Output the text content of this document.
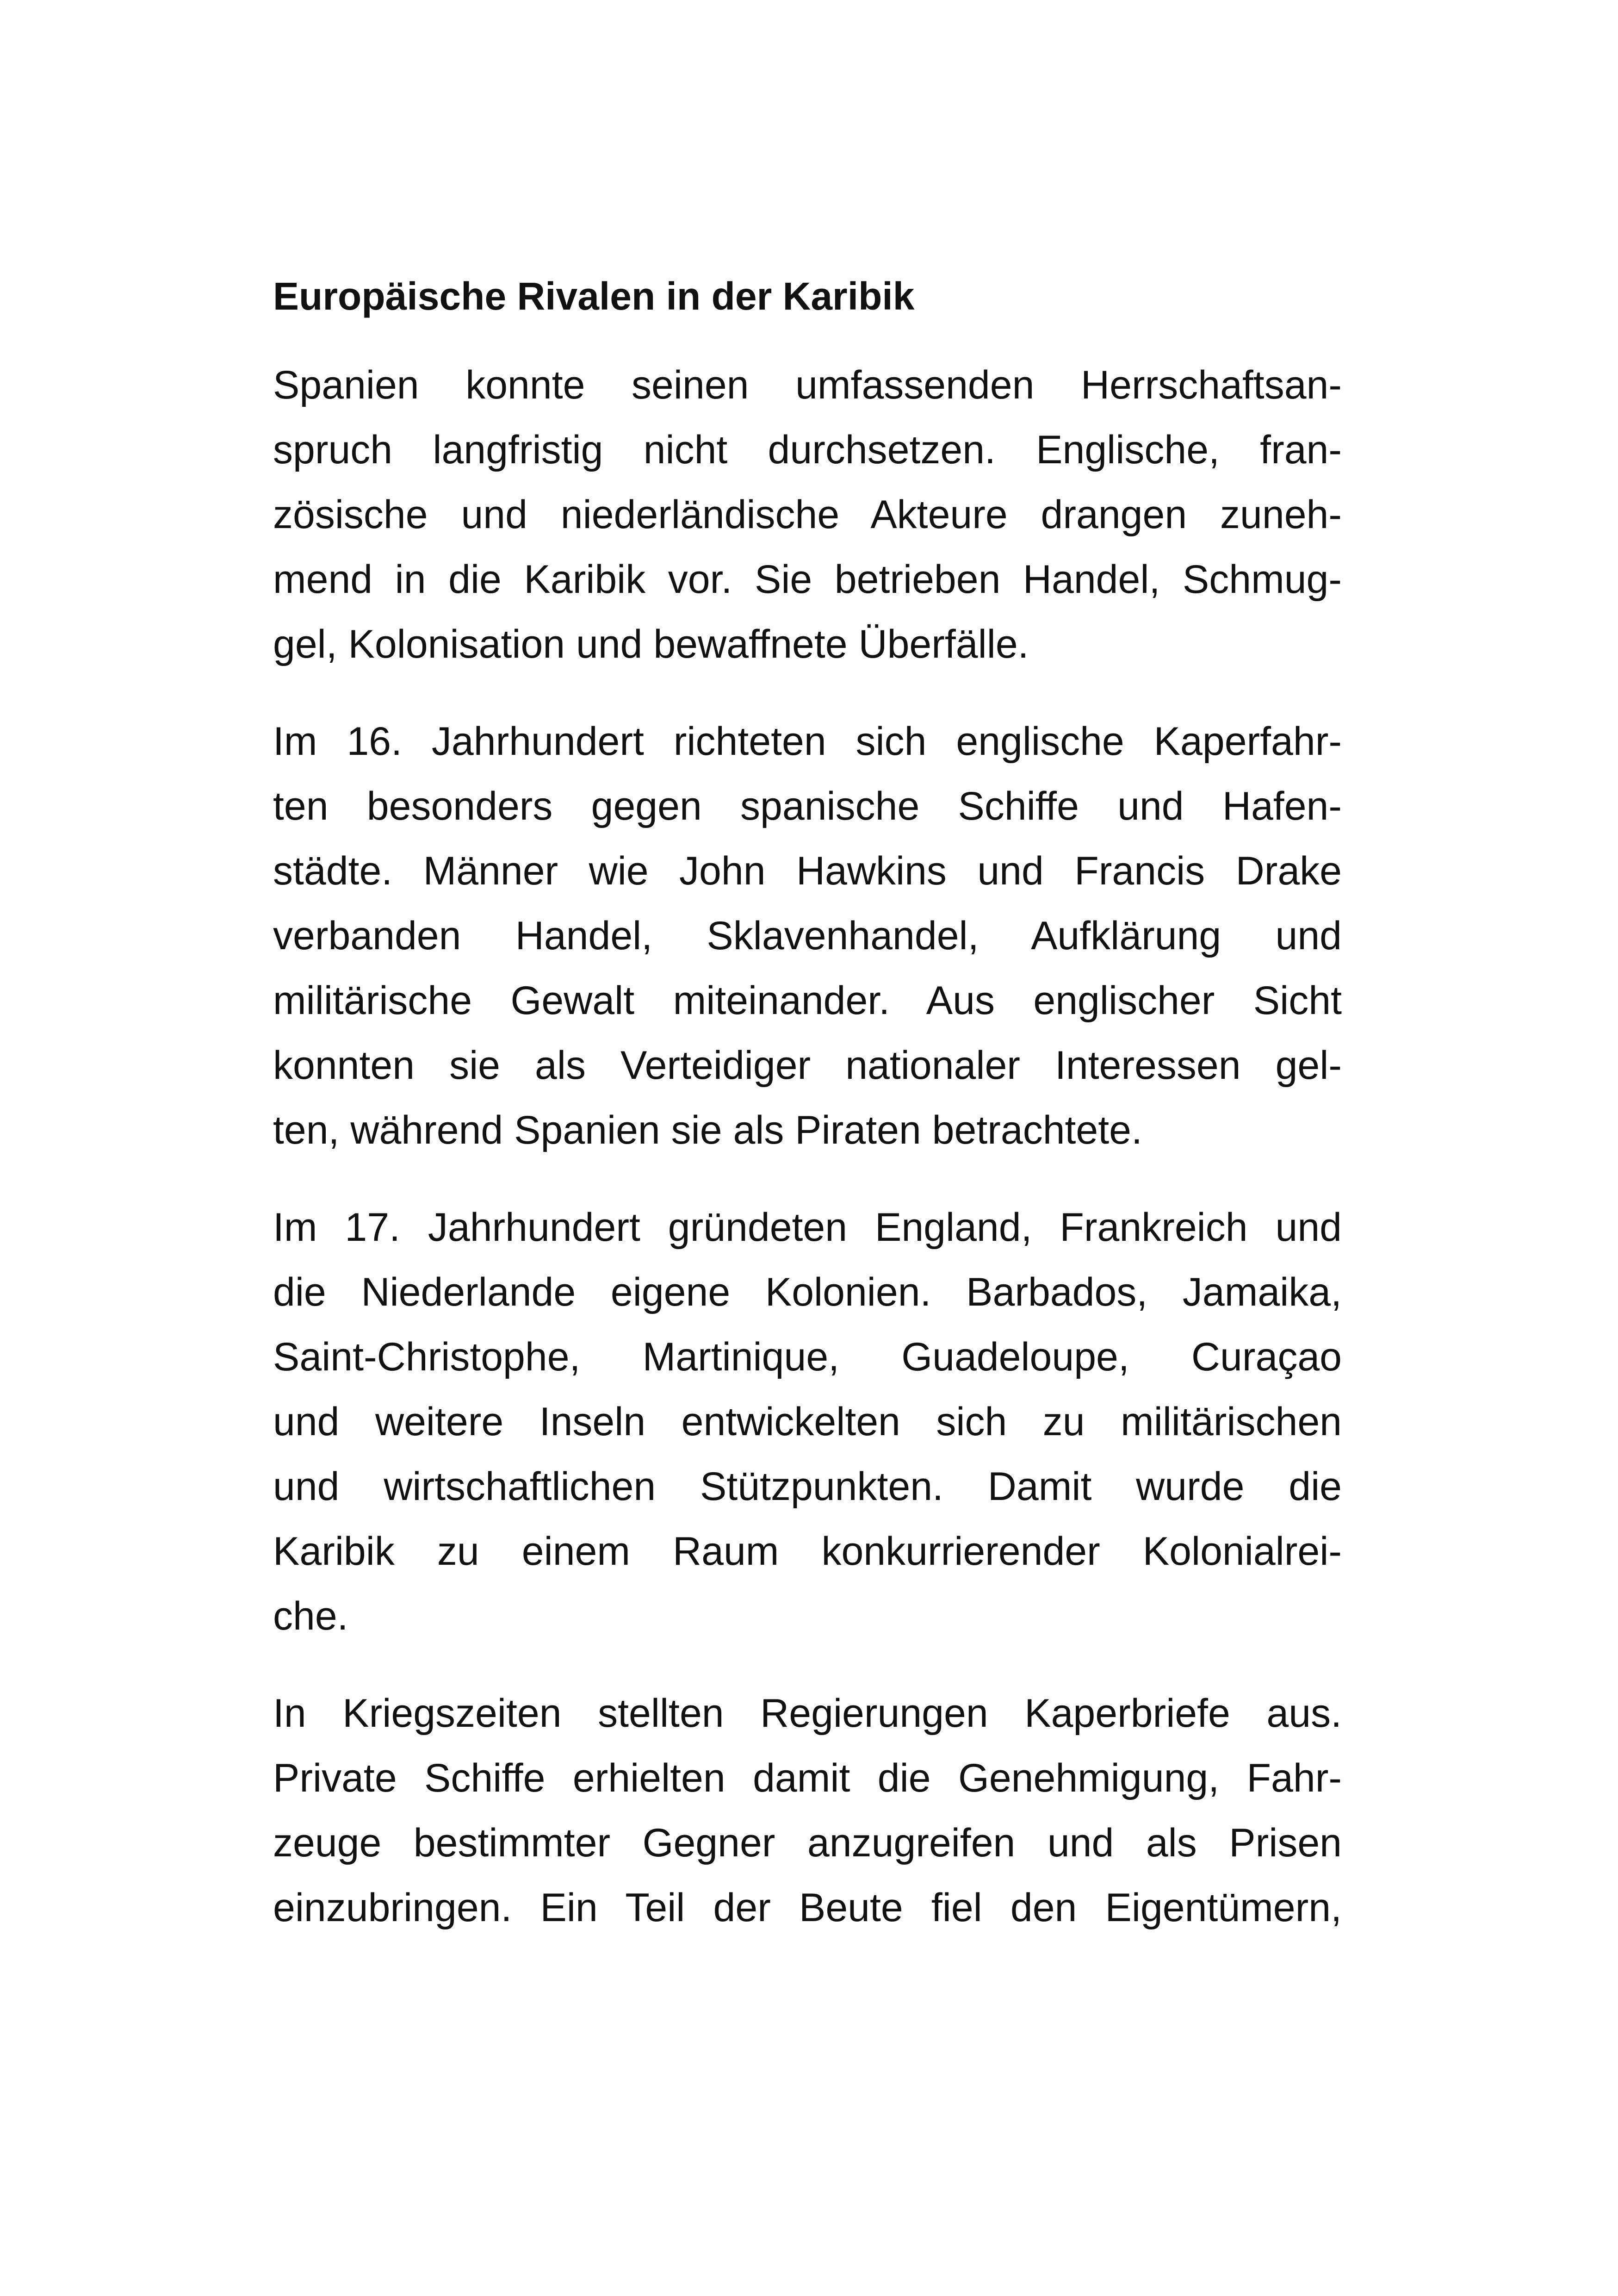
Europäische Rivalen in der Karibik
Spanien konnte seinen umfassenden Herrschaftsan-
spruch langfristig nicht durchsetzen. Englische, fran-
zösische und niederländische Akteure drangen zuneh-
mend in die Karibik vor. Sie betrieben Handel, Schmug-
gel, Kolonisation und bewaffnete Überfälle.
Im 16. Jahrhundert richteten sich englische Kaperfahr-
ten besonders gegen spanische Schiffe und Hafen-
städte. Männer wie John Hawkins und Francis Drake
verbanden Handel, Sklavenhandel, Aufklärung und
militärische Gewalt miteinander. Aus englischer Sicht
konnten sie als Verteidiger nationaler Interessen gel-
ten, während Spanien sie als Piraten betrachtete.
Im 17. Jahrhundert gründeten England, Frankreich und
die Niederlande eigene Kolonien. Barbados, Jamaika,
Saint-Christophe, Martinique, Guadeloupe, Curaçao
und weitere Inseln entwickelten sich zu militärischen
und wirtschaftlichen Stützpunkten. Damit wurde die
Karibik zu einem Raum konkurrierender Kolonialrei-
che.
In Kriegszeiten stellten Regierungen Kaperbriefe aus.
Private Schiffe erhielten damit die Genehmigung, Fahr-
zeuge bestimmter Gegner anzugreifen und als Prisen
einzubringen. Ein Teil der Beute fiel den Eigentümern,
